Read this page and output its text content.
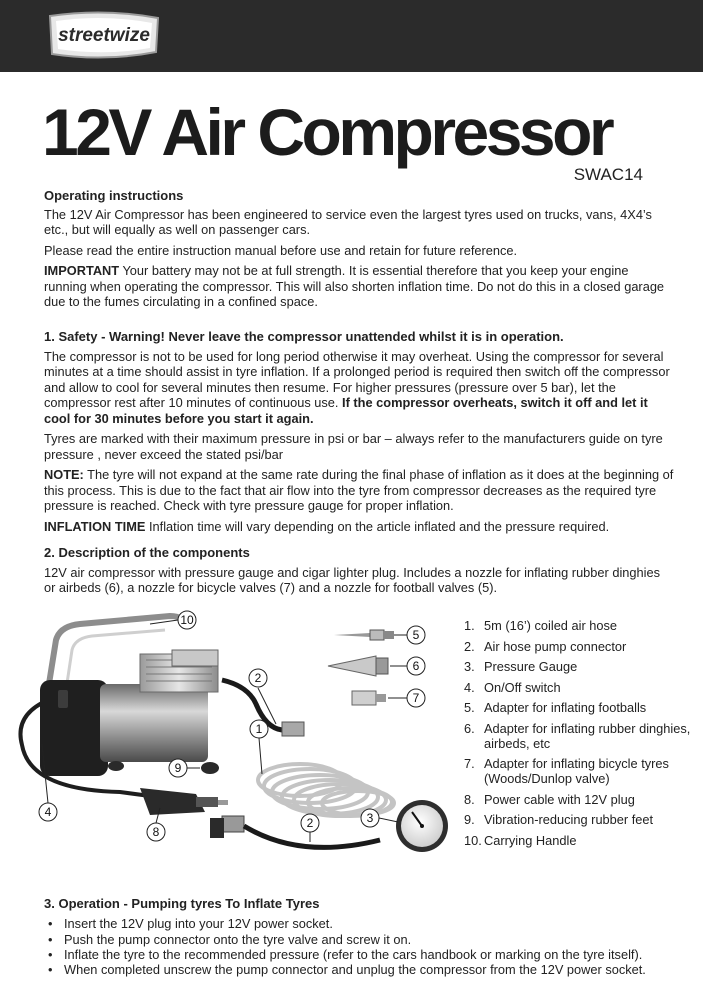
streetwize
12V Air Compressor
SWAC14
Operating instructions
The 12V Air Compressor has been engineered to service even the largest tyres used on trucks, vans, 4X4’s etc., but will equally as well on passenger cars.
Please read the entire instruction manual before use and retain for future reference.
IMPORTANT Your battery may not be at full strength. It is essential therefore that you keep your engine running when operating the compressor. This will also shorten inflation time. Do not do this in a closed garage due to the fumes circulating in a confined space.
1. Safety - Warning! Never leave the compressor unattended whilst it is in operation.
The compressor is not to be used for long period otherwise it may overheat. Using the compressor for several minutes at a time should assist in tyre inflation. If a prolonged period is required then switch off the compressor and allow to cool for several minutes then resume. For higher pressures (pressure over 5 bar), let the compressor rest after 10 minutes of continuous use. If the compressor overheats, switch it off and let it cool for 30 minutes before you start it again.
Tyres are marked with their maximum pressure in psi or bar – always refer to the manufacturers guide on tyre pressure , never exceed the stated psi/bar
NOTE: The tyre will not expand at the same rate during the final phase of inflation as it does at the beginning of this process. This is due to the fact that air flow into the tyre from compressor decreases as the required tyre pressure is reached. Check with tyre pressure gauge for proper inflation.
INFLATION TIME Inflation time will vary depending on the article inflated and the pressure required.
2. Description of the components
12V air compressor with pressure gauge and cigar lighter plug. Includes a nozzle for inflating rubber dinghies or airbeds (6), a nozzle for bicycle valves (7) and a nozzle for football valves (5).
10
2
1
9
4
8
2	3
5
6
7
1. 5m (16’) coiled air hose
2. Air hose pump connector
3. Pressure Gauge
4. On/Off switch
5. Adapter for inflating footballs
6. Adapter for inflating rubber dinghies, airbeds, etc
7. Adapter for inflating bicycle tyres (Woods/Dunlop valve)
8. Power cable with 12V plug
9. Vibration-reducing rubber feet
10. Carrying Handle
3. Operation - Pumping tyres To Inflate Tyres
• Insert the 12V plug into your 12V power socket.
• Push the pump connector onto the tyre valve and screw it on.
• Inflate the tyre to the recommended pressure (refer to the cars handbook or marking on the tyre itself).
• When completed unscrew the pump connector and unplug the compressor from the 12V power socket.
